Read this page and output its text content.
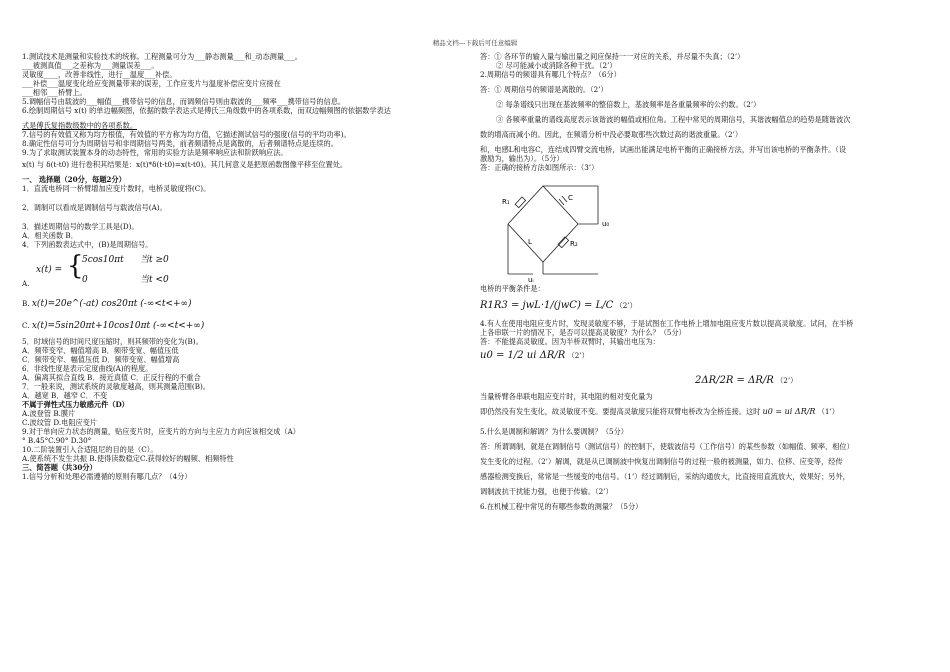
精品文档---下载后可任意编辑
1.测试技术是测量和实验技术的统称。工程测量可分为___静态测量___和_动态测量___。
___被测真值___之差称为___测量误差___。
灵敏度____，改善非线性，进行__温度___补偿。
___补偿___温度变化给应变测量带来的误差，工作应变片与温度补偿应变片应接在
___相邻___桥臂上。
5.调幅信号由载波的___幅值___携带信号的信息，而调频信号则由载波的___频率___携带信号的信息。
6.绘制周期信号 x(t) 的单边幅频图，依据的数学表达式是傅氏三角级数中的各项系数，而双边幅频图的依据数学表达
式是傅氏复指数级数中的各项系数。
7.信号的有效值又称为均方根值，有效值的平方称为均方值，它描述测试信号的强度(信号的平均功率)。
8.确定性信号可分为周期信号和非周期信号两类，前者频谱特点是离散的，后者频谱特点是连续的。
9.为了求取测试装置本身的动态特性，常用的实验方法是频率响应法和阶跃响应法。
x(t) 与 δ(t-t0) 进行卷积其结果是：x(t)*δ(t-t0)=x(t-t0)。其几何意义是把原函数图像平移至位置处。
一、 选择题（20分，每题2分）
1．直流电桥同一桥臂增加应变片数时，电桥灵敏度将(C)。
2．调制可以看成是调制信号与载波信号(A)。
3．描述周期信号的数学工具是(D)。
A．相关函数 B．
4．下列函数表达式中，(B)是周期信号。
A.
x(t) = {
5cos10πt 当t ≥0
0	当t <0
B. x(t)=20e^(-at) cos20πt (-∞<t<+∞)
C. x(t)=5sin20πt+10cos10πt (-∞<t<+∞)
5．时域信号的时间尺度压缩时，则其频带的变化为(B)。
A．频带变窄、幅值增高 B．频带变宽、幅值压低
C．频带变窄、幅值压低 D．频带变宽、幅值增高
6．非线性度是表示定度曲线(A)的程度。
A．偏离其拟合直线 B．接近真值 C．正反行程的不重合
7．一般来说，测试系统的灵敏度越高，则其测量范围(B)。
A．越宽 B．越窄 C．不变
不属于弹性式压力敏感元件（D）
A.波登管 B.膜片
C.波纹管 D.电阻应变片
9.对于单向应力状态的测量，贴应变片时，应变片的方向与主应力方向应该相交成（A）
° B.45°C.90° D.30°
10.二阶装置引入合适阻尼的目的是（C）。
A.使系统不发生共振 B.使得读数稳定C.获得较好的幅频、相频特性
三、简答题（共30分）
1.信号分析和处理必需遵循的原则有哪几点？（4分）
答：① 各环节的输入量与输出量之间应保持一一对应的关系，并尽量不失真；（2’）
② 尽可能减小或消除各种干扰。（2’）
2.周期信号的频谱具有哪几个特点？（6分）
答：① 周期信号的频谱是离散的。（2’）
② 每条谱线只出现在基波频率的整倍数上，基波频率是各重量频率的公约数。（2’）
③ 各频率重量的谱线高度表示该谐波的幅值或相位角。工程中常见的周期信号，其谐波幅值总的趋势是随谐波次
数的增高而减小的。因此，在频谱分析中没必要取那些次数过高的谐波重量。（2’）
和，电感L和电容C，连结成四臂交流电桥，试画出能满足电桥平衡的正确接桥方法，并写出该电桥的平衡条件。（设
激励为，输出为）。（5分）
答：正确的接桥方法如图所示：（3’）
R₁
L
C
R₂
u₀
uᵢ
电桥的平衡条件是：
R1R3 = jwL·1/(jwC) = L/C （2’）
4.有人在使用电阻应变片时，发现灵敏度不够，于是试图在工作电桥上增加电阻应变片数以提高灵敏度。试问，在半桥
上各串联一片的情况下，是否可以提高灵敏度？为什么？（5分）
答：不能提高灵敏度。因为半桥双臂时，其输出电压为：
u0 = 1/2 ui ΔR/R （2’）
2ΔR/2R = ΔR/R （2’）
当量桥臂各串联电阻应变片时，其电阻的相对变化量为
即仍然没有发生变化，故灵敏度不变。要提高灵敏度只能将双臂电桥改为全桥连接。这时 u0 = ui ΔR/R （1’）
5.什么是调制和解调？为什么要调制？（5分）
答：所谓调制，就是在调制信号（测试信号）的控制下，使载波信号（工作信号）的某些参数（如幅值、频率、相位）
发生变化的过程。（2’）解调，就是从已调制波中恢复出调制信号的过程一般的被测量，如力、位移、应变等，经传
感器检测变换后，常常是一些缓变的电信号。（1’）经过调制后，采纳沟通放大，比直接用直流放大，效果好；另外，
调制波抗干扰能力强，也便于传输。（2’）
6.在机械工程中常见的有哪些参数的测量？（5分）
